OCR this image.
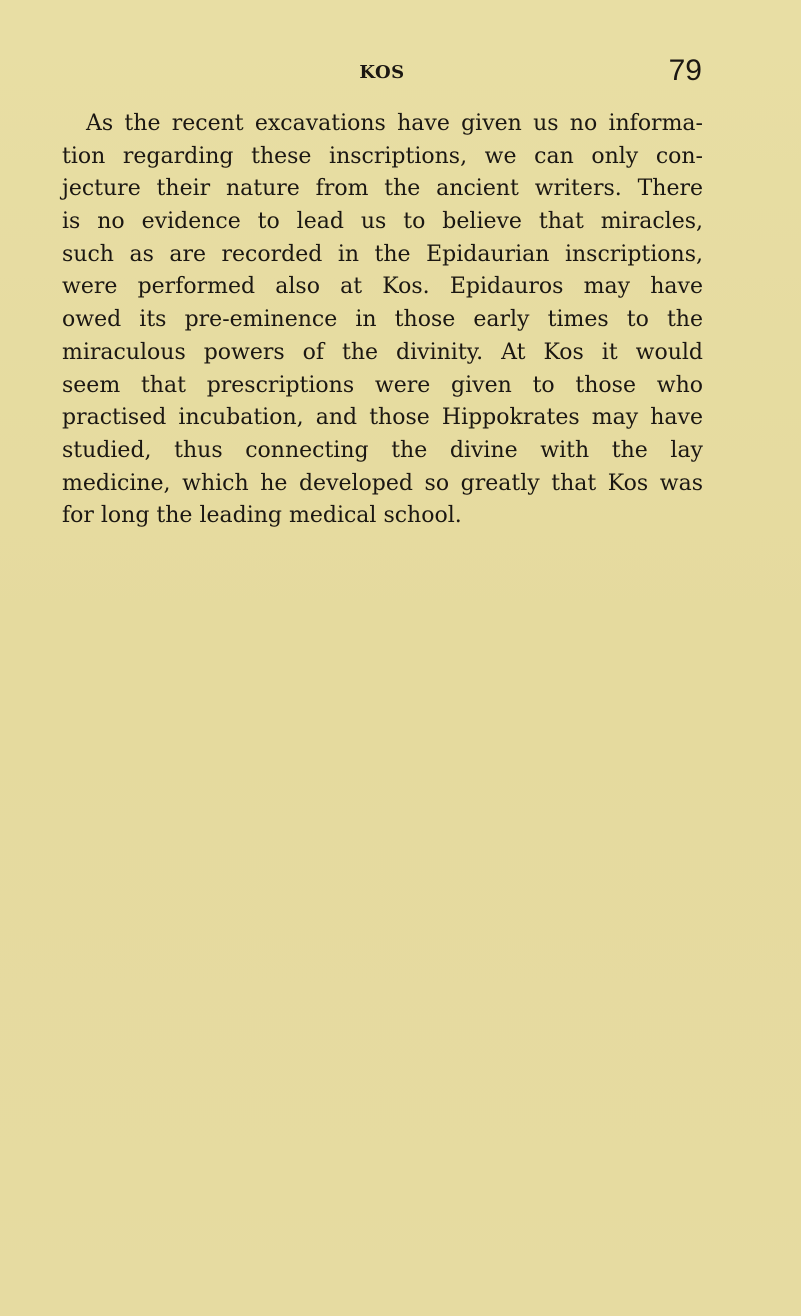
KOS	79
As the recent excavations have given us no informa-
tion regarding these inscriptions, we can only con-
jecture their nature from the ancient writers. There
is no evidence to lead us to believe that miracles,
such as are recorded in the Epidaurian inscriptions,
were performed also at Kos. Epidauros may have
owed its pre-eminence in those early times to the
miraculous powers of the divinity. At Kos it would
seem that prescriptions were given to those who
practised incubation, and those Hippokrates may have
studied, thus connecting the divine with the lay
medicine, which he developed so greatly that Kos was
for long the leading medical school.
